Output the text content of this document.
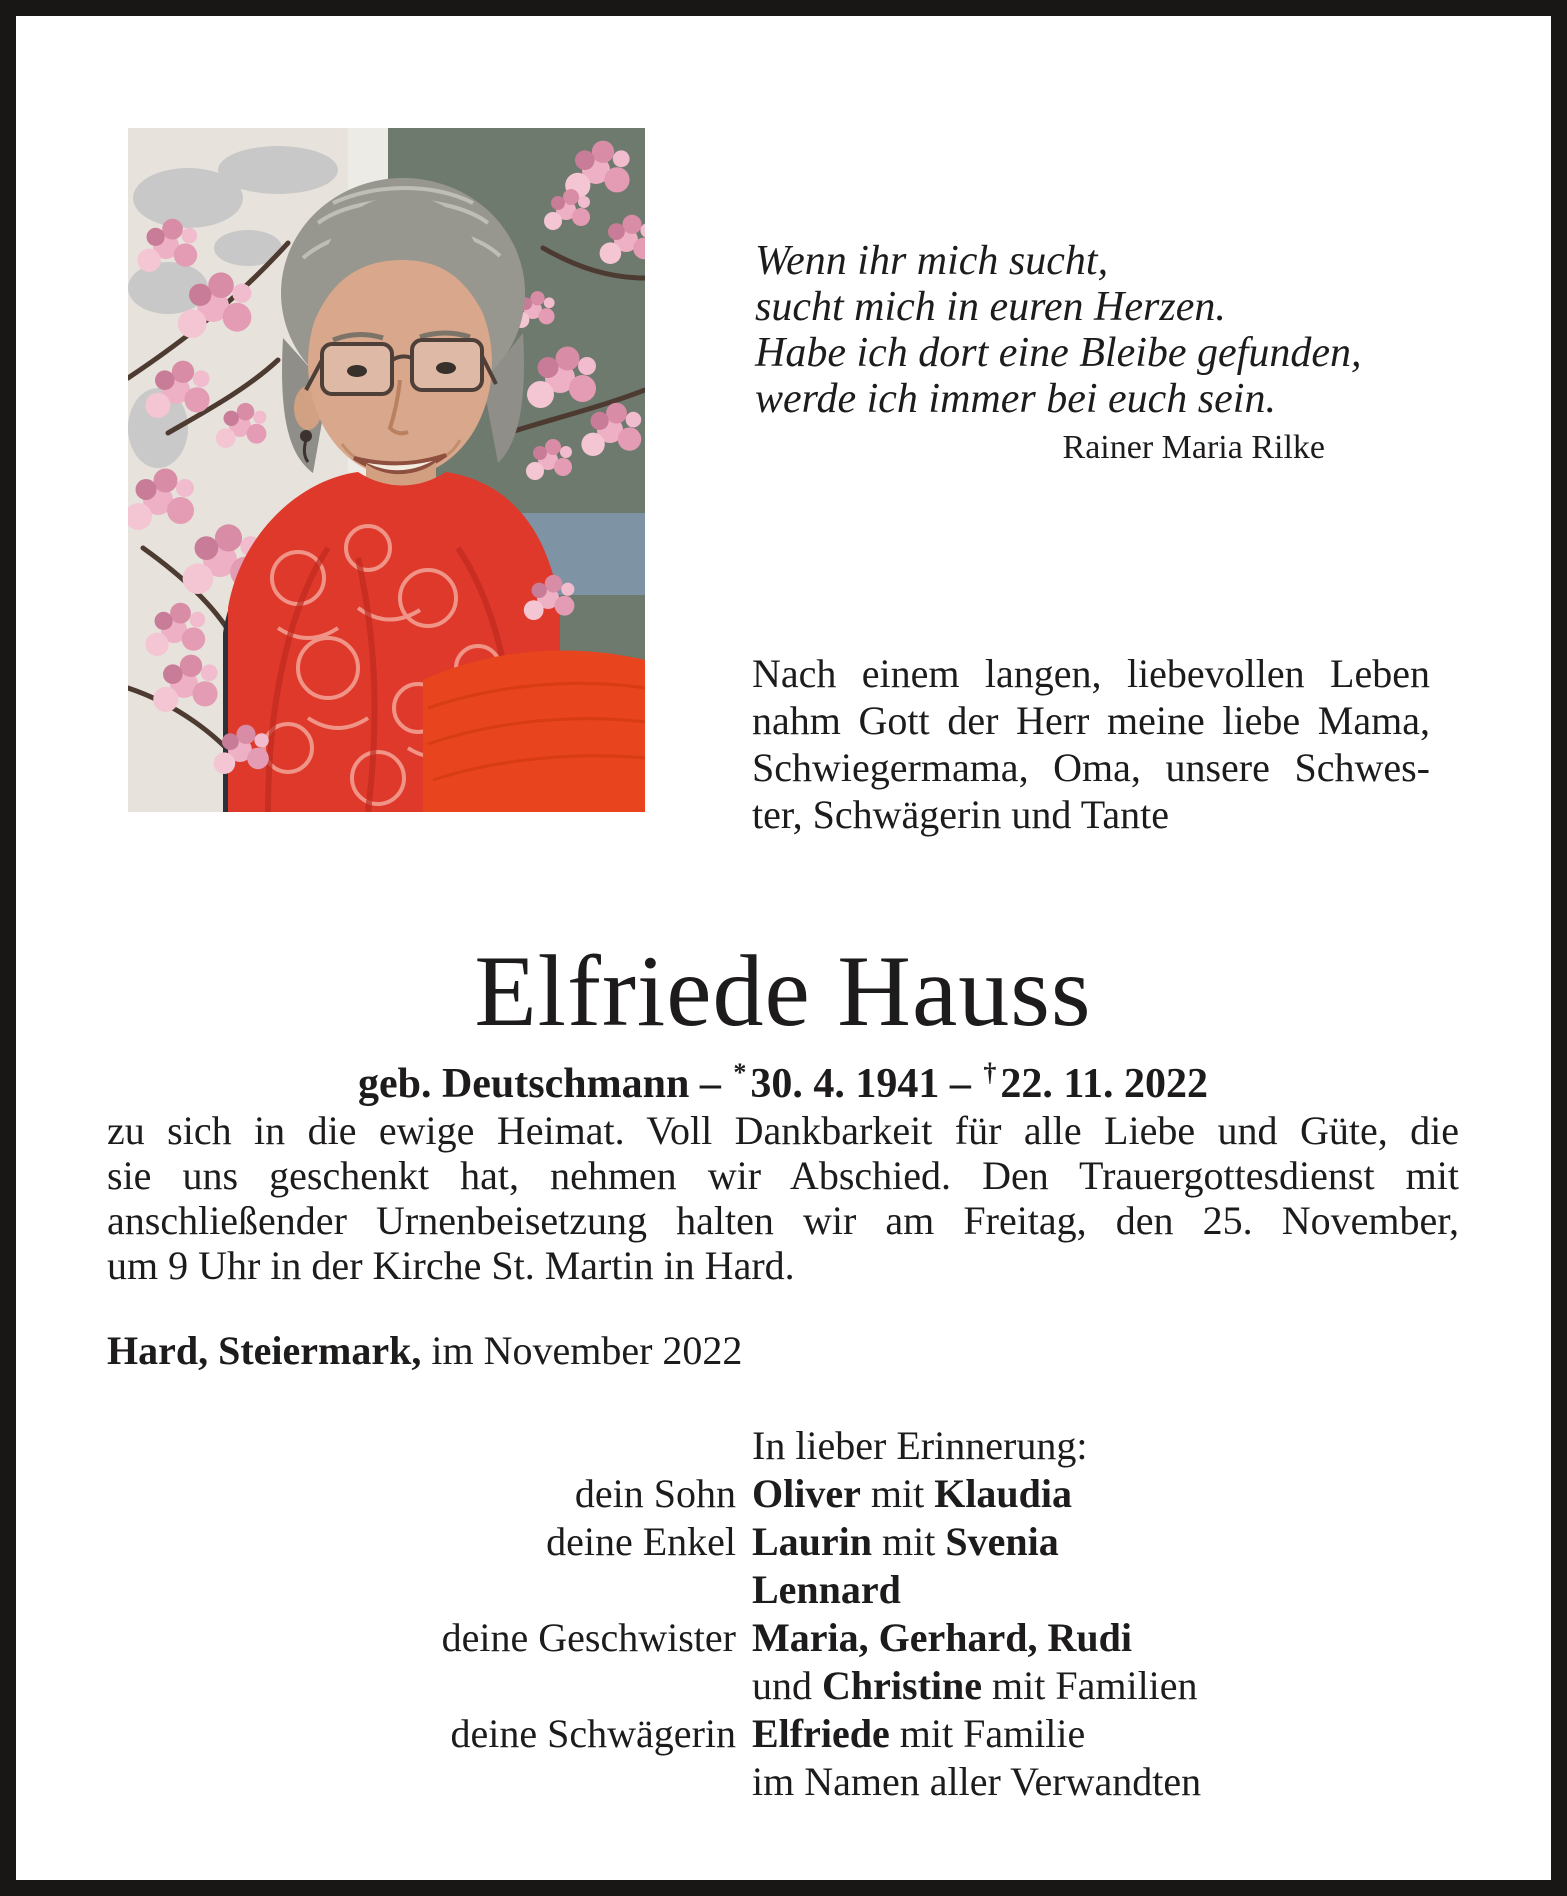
Wenn ihr mich sucht,
sucht mich in euren Herzen.
Habe ich dort eine Bleibe gefunden,
werde ich immer bei euch sein.
Rainer Maria Rilke
Nach einem langen, liebevollen Leben
nahm Gott der Herr meine liebe Mama,
Schwiegermama, Oma, unsere Schwes-
ter, Schwägerin und Tante
Elfriede Hauss
geb. Deutschmann – *30. 4. 1941 – †22. 11. 2022
zu sich in die ewige Heimat. Voll Dankbarkeit für alle Liebe und Güte, die
sie uns geschenkt hat, nehmen wir Abschied. Den Trauergottesdienst mit
anschließender Urnenbeisetzung halten wir am Freitag, den 25. November,
um 9 Uhr in der Kirche St. Martin in Hard.
Hard, Steiermark, im November 2022
In lieber Erinnerung:
dein Sohn Oliver mit Klaudia
deine Enkel Laurin mit Svenia
Lennard
deine Geschwister Maria, Gerhard, Rudi
und Christine mit Familien
deine Schwägerin Elfriede mit Familie
im Namen aller Verwandten
